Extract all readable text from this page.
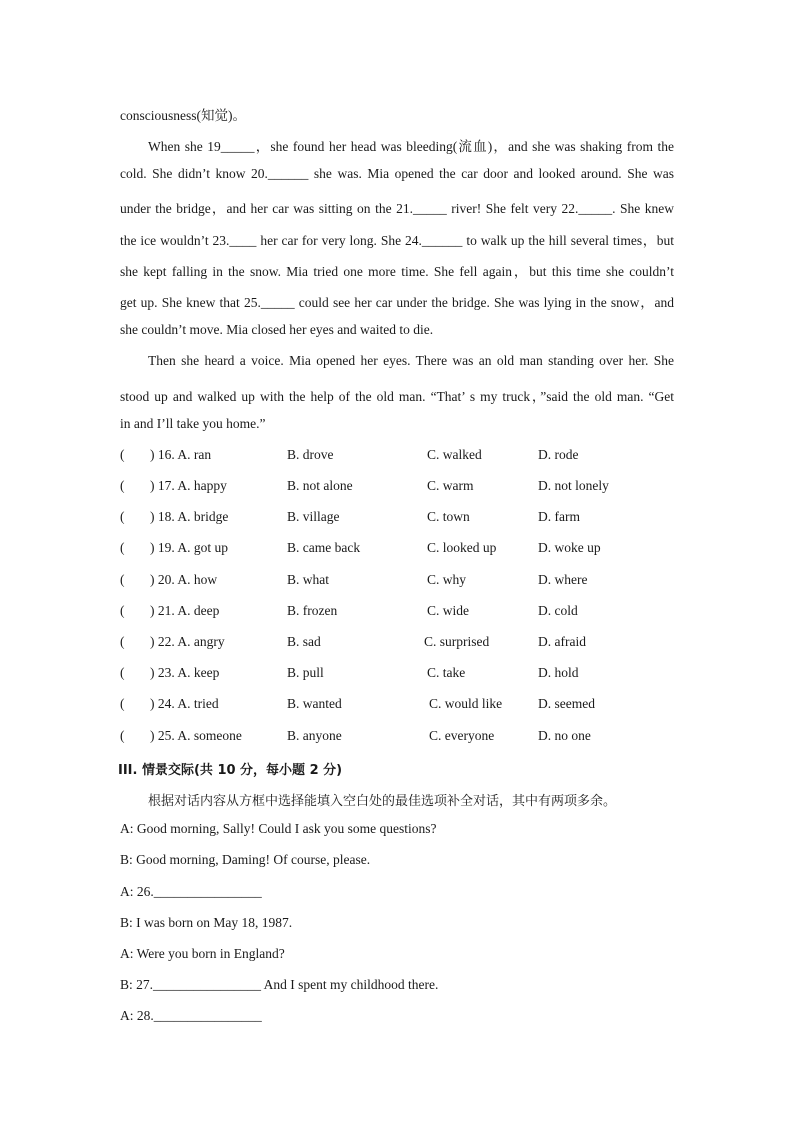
consciousness(知觉)。
When she 19_____，she found her head was bleeding(流血)，and she was shaking from the
cold. She didn’t know 20.______ she was. Mia opened the car door and looked around. She was
under the bridge，and her car was sitting on the 21._____ river! She felt very 22._____. She knew
the ice wouldn’t 23.____ her car for very long. She 24.______ to walk up the hill several times，but
she kept falling in the snow. Mia tried one more time. She fell again，but this time she couldn’t
get up. She knew that 25._____ could see her car under the bridge. She was lying in the snow，and
she couldn’t move. Mia closed her eyes and waited to die.
Then she heard a voice. Mia opened her eyes. There was an old man standing over her. She
stood up and walked up with the help of the old man. “That’ s my truck，”said the old man. “Get
in and I’ll take you home.”
( ) 16. A. ran	B. drove	C. walked	D. rode
( ) 17. A. happy	B. not alone	C. warm	D. not lonely
( ) 18. A. bridge	B. village	C. town	D. farm
( ) 19. A. got up	B. came back	C. looked up	D. woke up
( ) 20. A. how	B. what	C. why	D. where
( ) 21. A. deep	B. frozen	C. wide	D. cold
( ) 22. A. angry	B. sad	C. surprised	D. afraid
( ) 23. A. keep	B. pull	C. take	D. hold
( ) 24. A. tried	B. wanted	C. would like	D. seemed
( ) 25. A. someone	B. anyone	C. everyone	D. no one
III. 情景交际(共 10 分，每小题 2 分)
根据对话内容从方框中选择能填入空白处的最佳选项补全对话，其中有两项多余。
A: Good morning, Sally! Could I ask you some questions?
B: Good morning, Daming! Of course, please.
A: 26.________________
B: I was born on May 18, 1987.
A: Were you born in England?
B: 27.________________ And I spent my childhood there.
A: 28.________________
